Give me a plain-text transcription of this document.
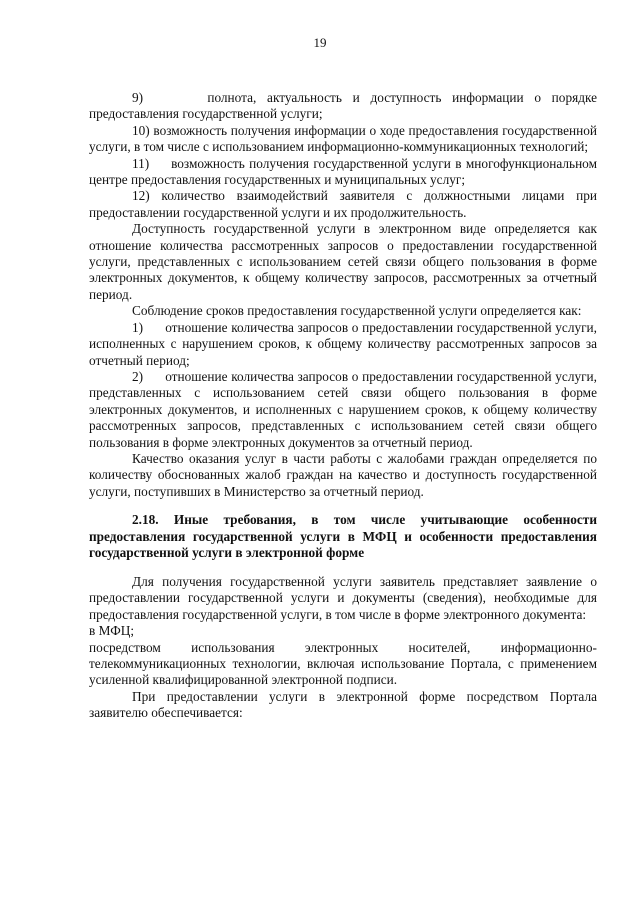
19

9)      полнота, актуальность и доступность информации о порядке предоставления государственной услуги;

10) возможность получения информации о ходе предоставления государственной услуги, в том числе с использованием информационно-коммуникационных технологий;

11)     возможность получения государственной услуги в многофункциональном центре предоставления государственных и муниципальных услуг;

12) количество взаимодействий заявителя с должностными лицами при предоставлении государственной услуги и их продолжительность.

Доступность государственной услуги в электронном виде определяется как отношение количества рассмотренных запросов о предоставлении государственной услуги, представленных с использованием сетей связи общего пользования в форме электронных документов, к общему количеству запросов, рассмотренных за отчетный период.

Соблюдение сроков предоставления государственной услуги определяется как:

1)      отношение количества запросов о предоставлении государственной услуги, исполненных с нарушением сроков, к общему количеству рассмотренных запросов за отчетный период;

2)      отношение количества запросов о предоставлении государственной услуги, представленных с использованием сетей связи общего пользования в форме электронных документов, и исполненных с нарушением сроков, к общему количеству рассмотренных запросов, представленных с использованием сетей связи общего пользования в форме электронных документов за отчетный период.

Качество оказания услуг в части работы с жалобами граждан определяется по количеству обоснованных жалоб граждан на качество и доступность государственной услуги, поступивших в Министерство за отчетный период.

2.18. Иные требования, в том числе учитывающие особенности предоставления государственной услуги в МФЦ и особенности предоставления государственной услуги в электронной форме

Для получения государственной услуги заявитель представляет заявление о предоставлении государственной услуги и документы (сведения), необходимые для предоставления государственной услуги, в том числе в форме электронного документа:

в МФЦ;

посредством использования электронных носителей, информационно-телекоммуникационных технологии, включая использование Портала, с применением усиленной квалифицированной электронной подписи.

При предоставлении услуги в электронной форме посредством Портала заявителю обеспечивается:
